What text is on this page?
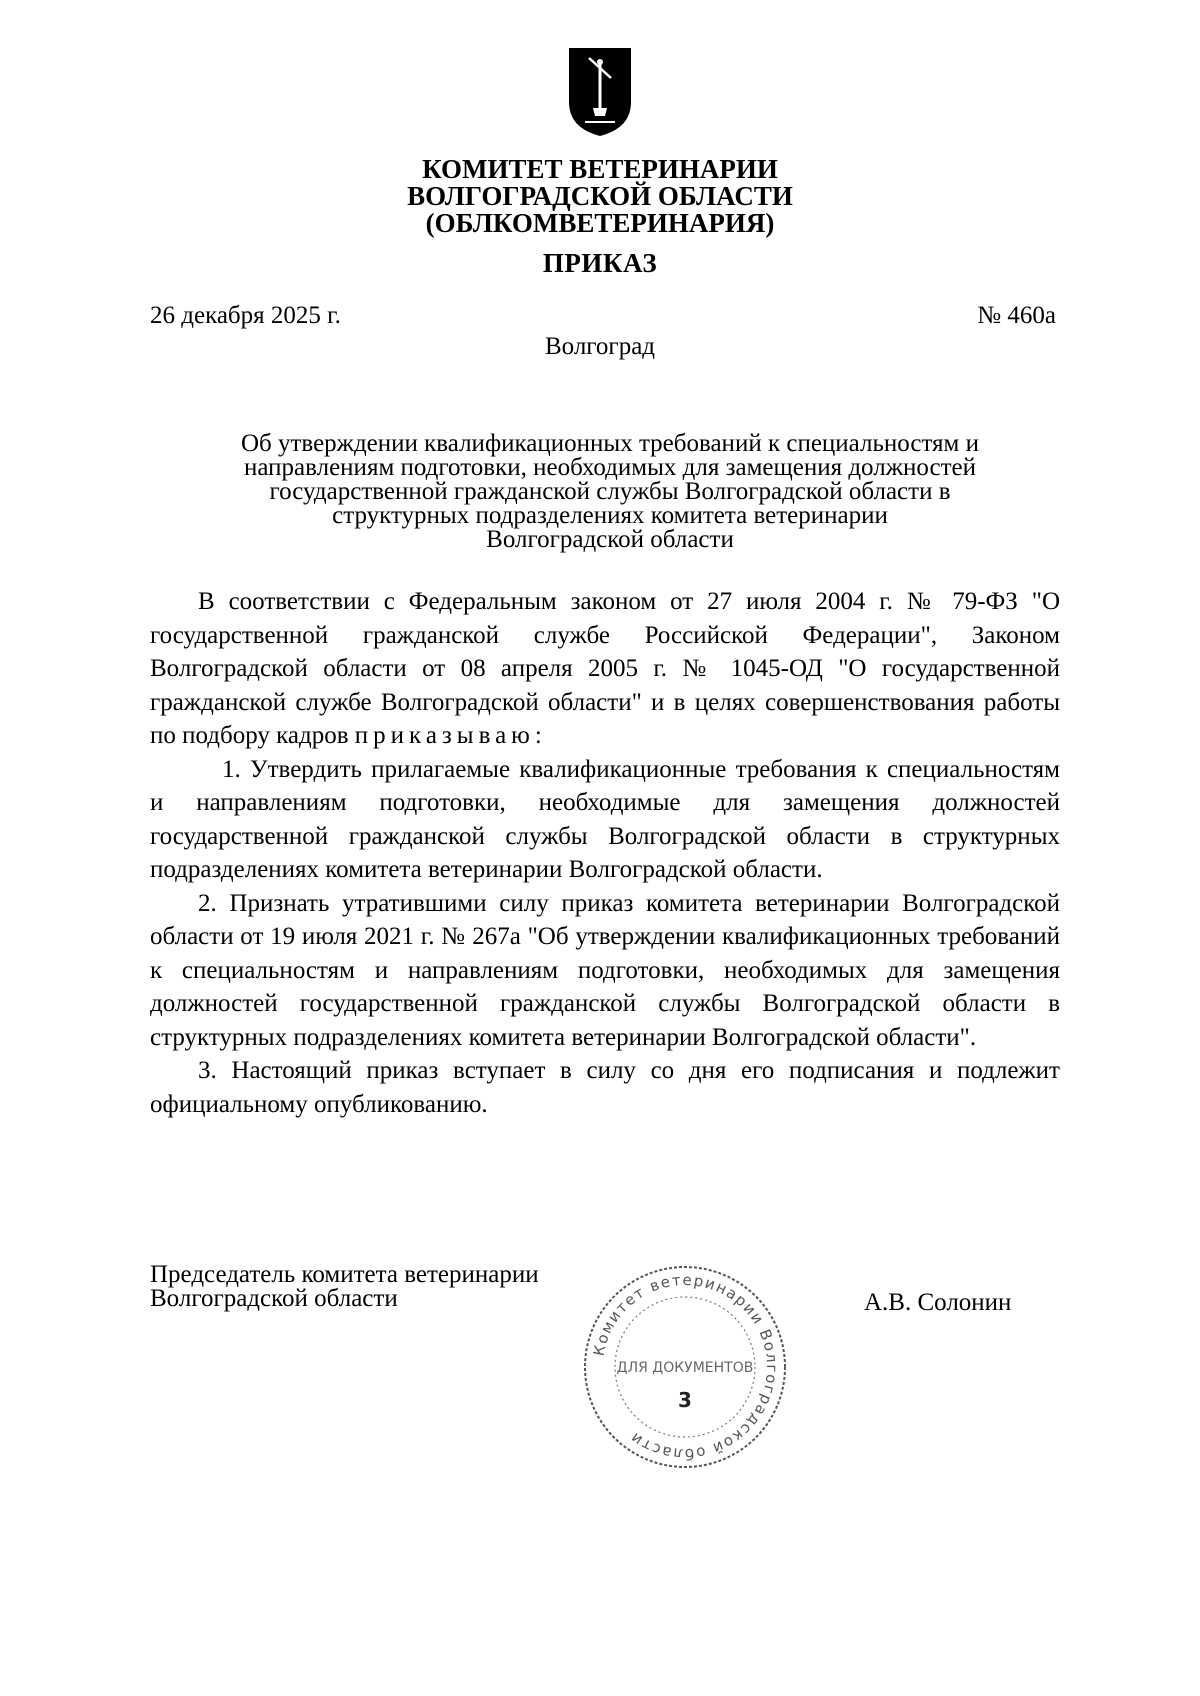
КОМИТЕТ ВЕТЕРИНАРИИ
ВОЛГОГРАДСКОЙ ОБЛАСТИ
(ОБЛКОМВЕТЕРИНАРИЯ)
ПРИКАЗ
26 декабря 2025 г.	№ 460а
Волгоград
Об утверждении квалификационных требований к специальностям и
направлениям подготовки, необходимых для замещения должностей
государственной гражданской службы Волгоградской области в
структурных подразделениях комитета ветеринарии
Волгоградской области

В соответствии с Федеральным законом от 27 июля 2004 г. № 79-ФЗ "О государственной гражданской службе Российской Федерации", Законом Волгоградской области от 08 апреля 2005 г. № 1045-ОД "О государственной гражданской службе Волгоградской области" и в целях совершенствования работы по подбору кадров приказываю:

1. Утвердить прилагаемые квалификационные требования к специальностям и направлениям подготовки, необходимые для замещения должностей государственной гражданской службы Волгоградской области в структурных подразделениях комитета ветеринарии Волгоградской области.

2. Признать утратившими силу приказ комитета ветеринарии Волгоградской области от 19 июля 2021 г. № 267а "Об утверждении квалификационных требований к специальностям и направлениям подготовки, необходимых для замещения должностей государственной гражданской службы Волгоградской области в структурных подразделениях комитета ветеринарии Волгоградской области".

3. Настоящий приказ вступает в силу со дня его подписания и подлежит официальному опубликованию.

Председатель комитета ветеринарии
Волгоградской области	А.В. Солонин
Комитет ветеринарии Волгоградской области
ДЛЯ ДОКУМЕНТОВ
3
